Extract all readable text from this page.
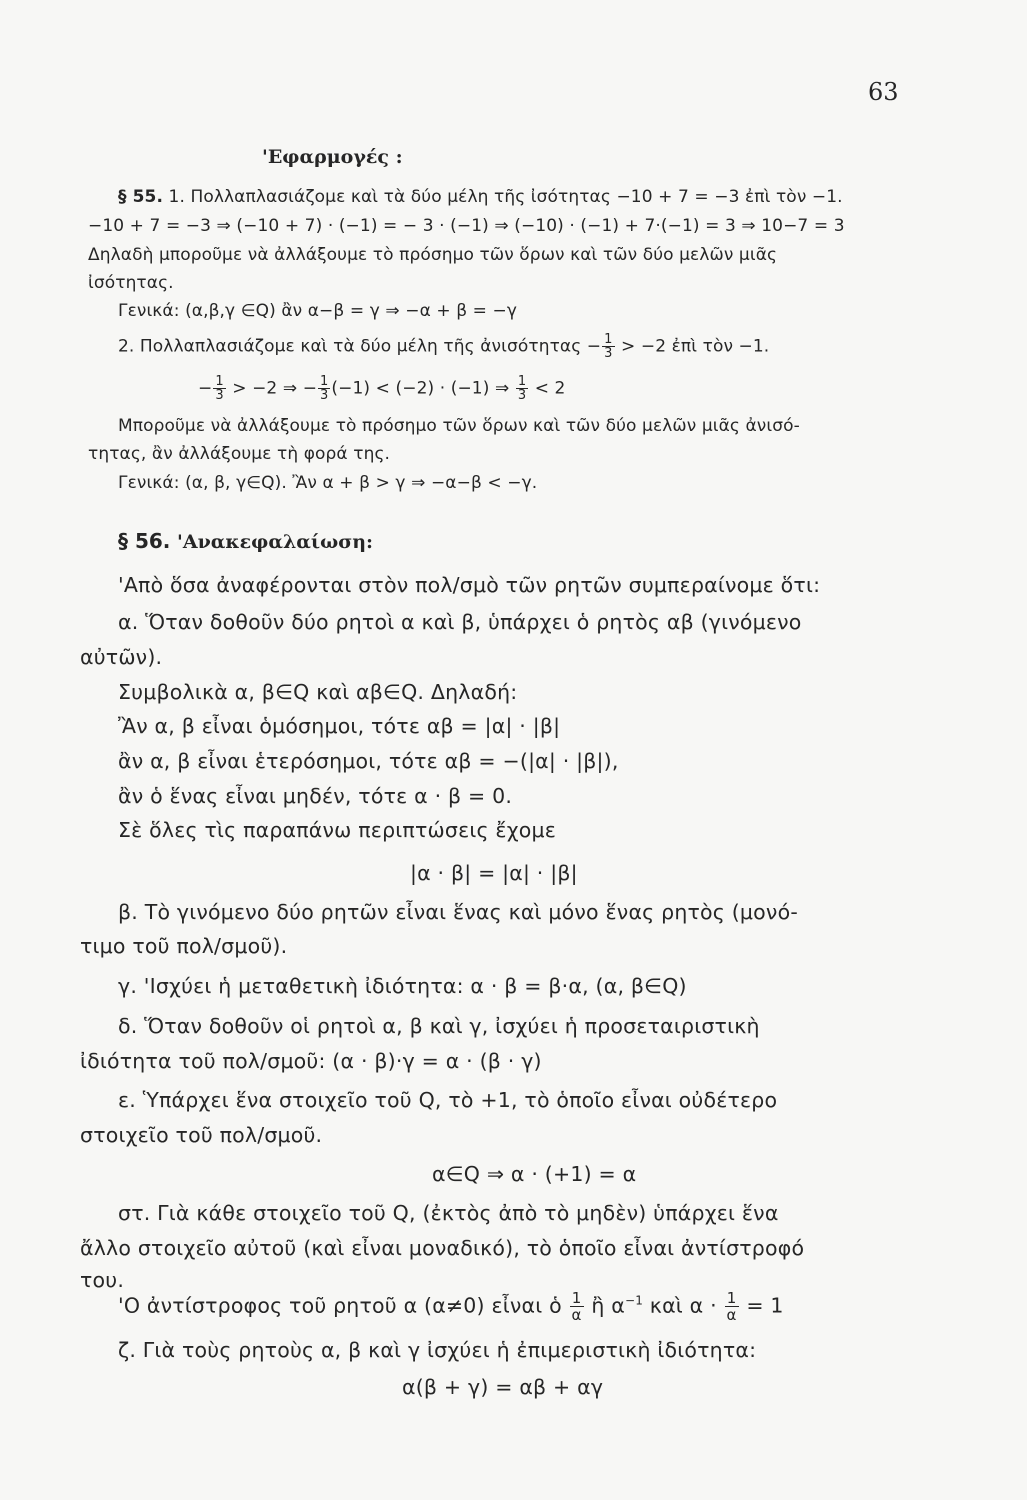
63
'Εφαρμογές :
§ 55. 1. Πολλαπλασιάζομε καὶ τὰ δύο μέλη τῆς ἰσότητας −10 + 7 = −3 ἐπὶ τὸν −1.
−10 + 7 = −3 ⇒ (−10 + 7) · (−1) = − 3 · (−1) ⇒ (−10) · (−1) + 7·(−1) = 3 ⇒ 10−7 = 3
Δηλαδὴ μποροῦμε νὰ ἀλλάξουμε τὸ πρόσημο τῶν ὅρων καὶ τῶν δύο μελῶν μιᾶς
ἰσότητας.
Γενικά: (α,β,γ ∈Q) ἂν α−β = γ ⇒ −α + β = −γ
2. Πολλαπλασιάζομε καὶ τὰ δύο μέλη τῆς ἀνισότητας − $\frac{1}{3} > -2$ ἐπὶ τὸν −1.
− $\frac{1}{3} > -2$ ⇒ − $\frac{1}{3} (-1) < (-2) \cdot (-1)$ ⇒ $\frac{1}{3} < 2$
Μποροῦμε νὰ ἀλλάξουμε τὸ πρόσημο τῶν ὅρων καὶ τῶν δύο μελῶν μιᾶς ἀνισό-
τητας, ἂν ἀλλάξουμε τὴ φορά της.
Γενικά: (α, β, γ∈Q). Ἂν α + β > γ ⇒ −α−β < −γ.
§ 56. 'Ανακεφαλαίωση:
'Απὸ ὅσα ἀναφέρονται στὸν πολ/σμὸ τῶν ρητῶν συμπεραίνομε ὅτι:
α. Ὅταν δοθοῦν δύο ρητοὶ α καὶ β, ὑπάρχει ὁ ρητὸς αβ (γινόμενο
αὐτῶν).
Συμβολικὰ α, β∈Q καὶ αβ∈Q. Δηλαδή:
Ἂν α, β εἶναι ὁμόσημοι, τότε αβ = |α| · |β|
ἂν α, β εἶναι ἑτερόσημοι, τότε αβ = −(|α| · |β|),
ἂν ὁ ἕνας εἶναι μηδέν, τότε α · β = 0.
Σὲ ὅλες τὶς παραπάνω περιπτώσεις ἔχομε
|α · β| = |α| · |β|
β. Τὸ γινόμενο δύο ρητῶν εἶναι ἕνας καὶ μόνο ἕνας ρητὸς (μονό-
τιμο τοῦ πολ/σμοῦ).
γ. 'Ισχύει ἡ μεταθετικὴ ἰδιότητα: α · β = β·α, (α, β∈Q)
δ. Ὅταν δοθοῦν οἱ ρητοὶ α, β καὶ γ, ἰσχύει ἡ προσεταιριστικὴ
ἰδιότητα τοῦ πολ/σμοῦ: (α · β)·γ = α · (β · γ)
ε. Ὑπάρχει ἕνα στοιχεῖο τοῦ Q, τὸ +1, τὸ ὁποῖο εἶναι οὐδέτερο
στοιχεῖο τοῦ πολ/σμοῦ.
α∈Q ⇒ α · (+1) = α
στ. Γιὰ κάθε στοιχεῖο τοῦ Q, (ἐκτὸς ἀπὸ τὸ μηδὲν) ὑπάρχει ἕνα
ἄλλο στοιχεῖο αὐτοῦ (καὶ εἶναι μοναδικό), τὸ ὁποῖο εἶναι ἀντίστροφό
του.
'Ο ἀντίστροφος τοῦ ρητοῦ α (α≠0) εἶναι ὁ $\frac{1}{\alpha}$ ἢ $\alpha^{-1}$ καὶ $\alpha \cdot \frac{1}{\alpha} = 1$
ζ. Γιὰ τοὺς ρητοὺς α, β καὶ γ ἰσχύει ἡ ἐπιμεριστικὴ ἰδιότητα:
α(β + γ) = αβ + αγ
